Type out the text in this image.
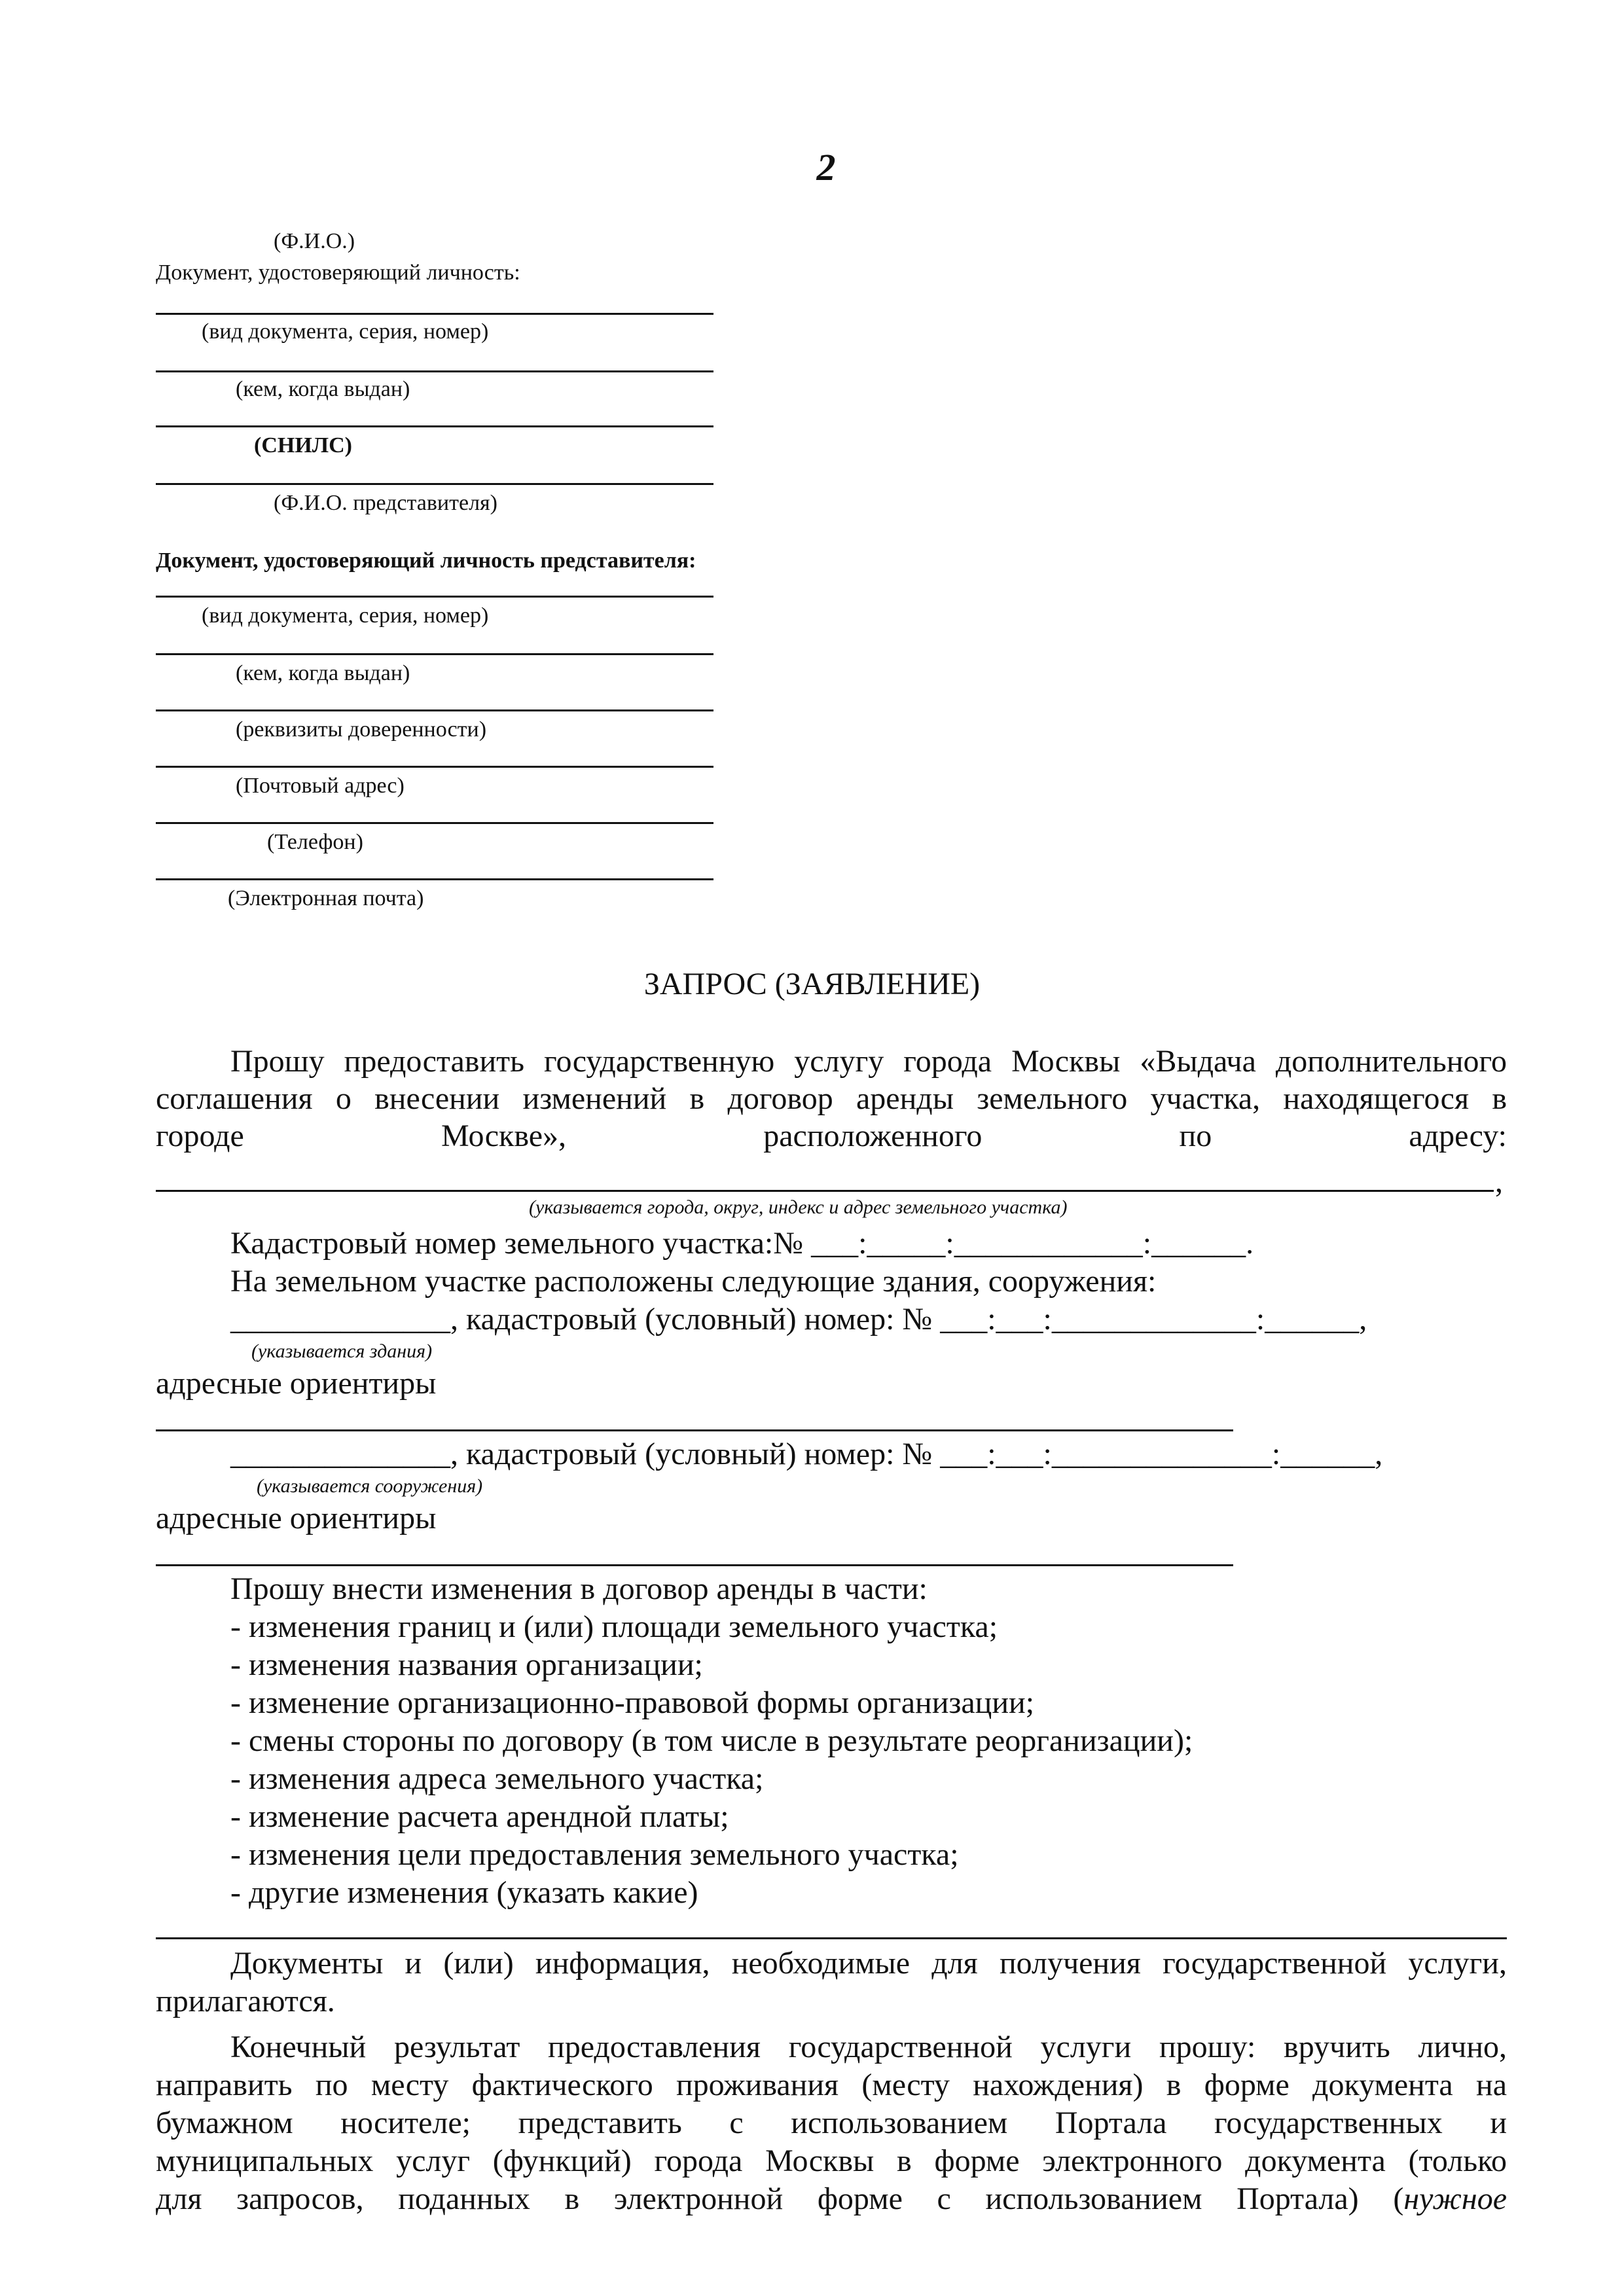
2
(Ф.И.О.)
Документ, удостоверяющий личность:
(вид документа, серия, номер)
(кем, когда выдан)
(СНИЛС)
(Ф.И.О. представителя)
Документ, удостоверяющий личность представителя:
(вид документа, серия, номер)
(кем, когда выдан)
(реквизиты доверенности)
(Почтовый адрес)
(Телефон)
(Электронная почта)
ЗАПРОС (ЗАЯВЛЕНИЕ)
Прошу предоставить государственную услугу города Москвы «Выдача дополнительного
соглашения о внесении изменений в договор аренды земельного участка, находящегося в
городе Москве», расположенного по адресу:
,
(указывается города, округ, индекс и адрес земельного участка)
Кадастровый номер земельного участка:№ ___:_____:____________:______.
На земельном участке расположены следующие здания, сооружения:
______________, кадастровый (условный) номер: № ___:___:_____________:______,
(указывается здания)
адресные ориентиры
______________, кадастровый (условный) номер: № ___:___:______________:______,
(указывается сооружения)
адресные ориентиры
Прошу внести изменения в договор аренды в части:
- изменения границ и (или) площади земельного участка;
- изменения названия организации;
- изменение организационно-правовой формы организации;
- смены стороны по договору (в том числе в результате реорганизации);
- изменения адреса земельного участка;
- изменение расчета арендной платы;
- изменения цели предоставления земельного участка;
- другие изменения (указать какие)
Документы и (или) информация, необходимые для получения государственной услуги,
прилагаются.
Конечный результат предоставления государственной услуги прошу: вручить лично,
направить по месту фактического проживания (месту нахождения) в форме документа на
бумажном носителе; представить с использованием Портала государственных и
муниципальных услуг (функций) города Москвы в форме электронного документа (только
для запросов, поданных в электронной форме с использованием Портала) (нужное
